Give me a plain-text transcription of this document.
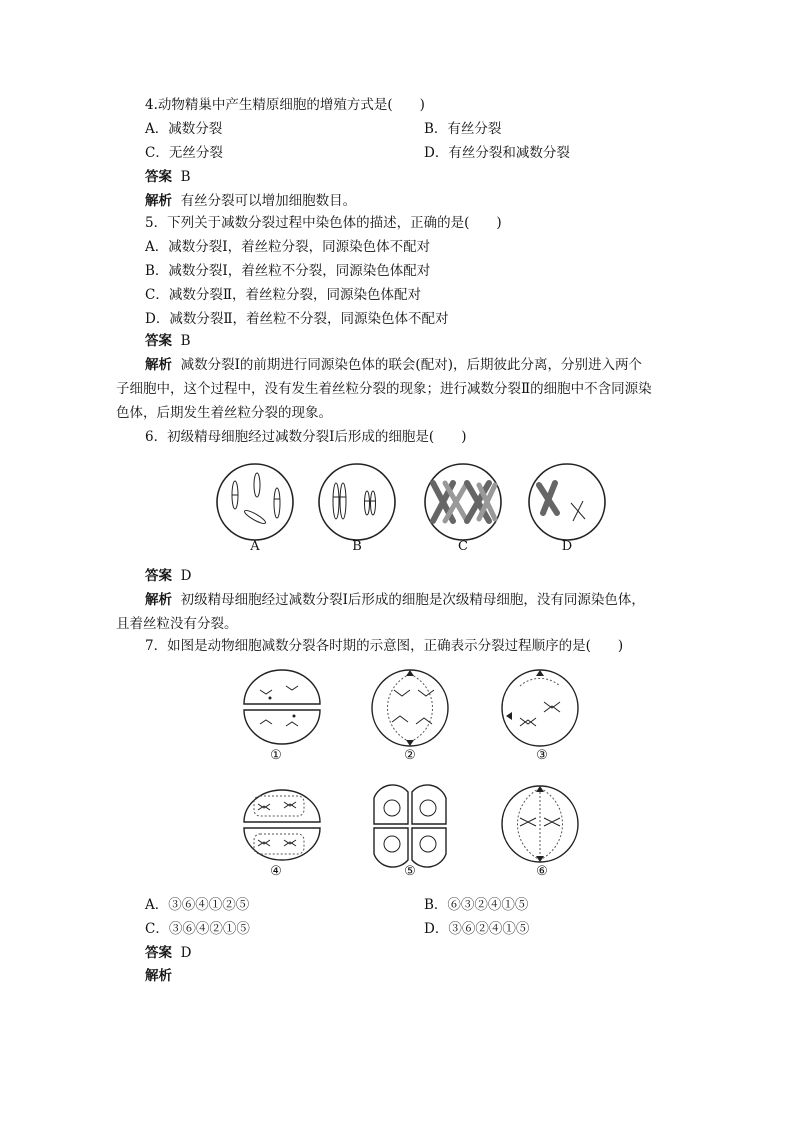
4.动物精巢中产生精原细胞的增殖方式是(　　)
A．减数分裂	B．有丝分裂
C．无丝分裂	D．有丝分裂和减数分裂
答案 B
解析 有丝分裂可以增加细胞数目。
5．下列关于减数分裂过程中染色体的描述，正确的是(　　)
A．减数分裂Ⅰ，着丝粒分裂，同源染色体不配对
B．减数分裂Ⅰ，着丝粒不分裂，同源染色体配对
C．减数分裂Ⅱ，着丝粒分裂，同源染色体配对
D．减数分裂Ⅱ，着丝粒不分裂，同源染色体不配对
答案 B
解析 减数分裂Ⅰ的前期进行同源染色体的联会(配对)，后期彼此分离，分别进入两个
子细胞中，这个过程中，没有发生着丝粒分裂的现象；进行减数分裂Ⅱ的细胞中不含同源染
色体，后期发生着丝粒分裂的现象。
6．初级精母细胞经过减数分裂Ⅰ后形成的细胞是(　　)
A	B	C	D
答案 D
解析 初级精母细胞经过减数分裂Ⅰ后形成的细胞是次级精母细胞，没有同源染色体，
且着丝粒没有分裂。
7．如图是动物细胞减数分裂各时期的示意图，正确表示分裂过程顺序的是(　　)
①	②	③
④	⑤	⑥
A．③⑥④①②⑤	B．⑥③②④①⑤
C．③⑥④②①⑤	D．③⑥②④①⑤
答案 D
解析
